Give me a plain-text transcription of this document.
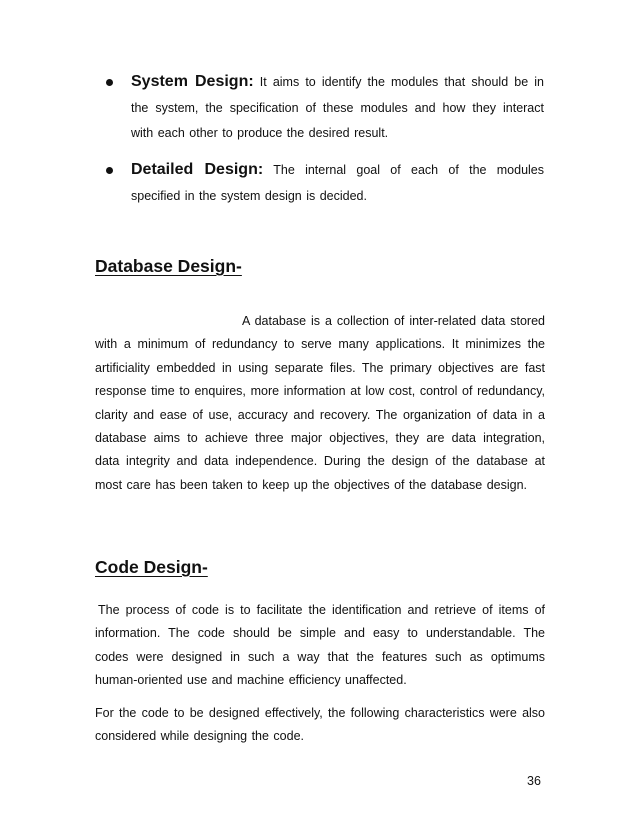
System Design: It aims to identify the modules that should be in the system, the specification of these modules and how they interact with each other to produce the desired result.
Detailed Design: The internal goal of each of the modules specified in the system design is decided.
Database Design-

A database is a collection of inter-related data stored with a minimum of redundancy to serve many applications. It minimizes the artificiality embedded in using separate files. The primary objectives are fast response time to enquires, more information at low cost, control of redundancy, clarity and ease of use, accuracy and recovery. The organization of data in a database aims to achieve three major objectives, they are data integration, data integrity and data independence. During the design of the database at most care has been taken to keep up the objectives of the database design.

Code Design-

The process of code is to facilitate the identification and retrieve of items of information. The code should be simple and easy to understandable. The codes were designed in such a way that the features such as optimums human-oriented use and machine efficiency unaffected.

For the code to be designed effectively, the following characteristics were also considered while designing the code.

36
